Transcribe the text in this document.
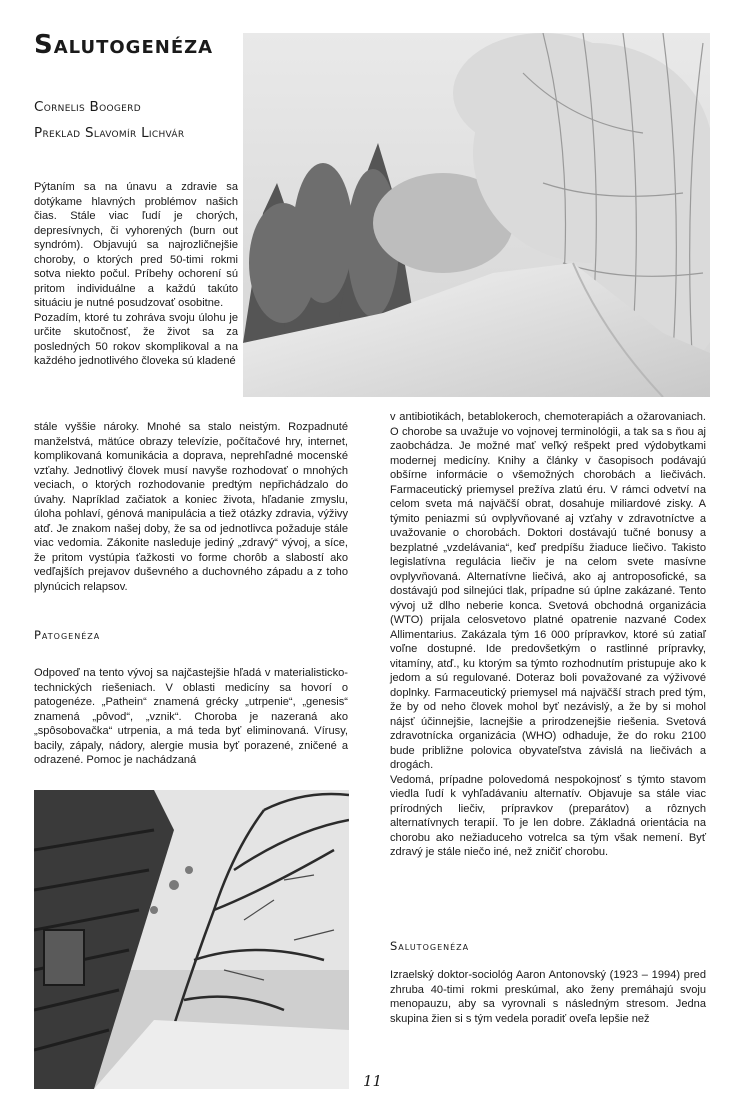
Salutogenéza
Cornelis Boogerd
Preklad Slavomír Lichvár

Pýtaním sa na únavu a zdravie sa dotýkame hlavných problémov našich čias. Stále viac ľudí je chorých, depresívnych, či vyhorených (burn out syndróm). Objavujú sa najrozličnejšie choroby, o ktorých pred 50-timi rokmi sotva niekto počul. Príbehy ochorení sú pritom individuálne a každú takúto situáciu je nutné posudzovať osobitne.

Pozadím, ktoré tu zohráva svoju úlohu je určite skutočnosť, že život sa za posledných 50 rokov skomplikoval a na každého jednotlivého človeka sú kladené

stále vyššie nároky. Mnohé sa stalo neistým. Rozpadnuté manželstvá, mätúce obrazy televízie, počítačové hry, internet, komplikovaná komunikácia a doprava, neprehľadné mocenské vzťahy. Jednotlivý človek musí navyše rozhodovať o mnohých veciach, o ktorých rozhodovanie predtým nepřichádzalo do úvahy. Napríklad začiatok a koniec života, hľadanie zmyslu, úloha pohlaví, génová manipulácia a tiež otázky zdravia, výživy atď. Je znakom našej doby, že sa od jednotlivca požaduje stále viac vedomia. Zákonite nasleduje jediný „zdravý“ vývoj, a síce, že pritom vystúpia ťažkosti vo forme chorôb a slabostí ako vedľajších prejavov duševného a duchovného západu a z toho plynúcich relapsov.

Patogenéza

Odpoveď na tento vývoj sa najčastejšie hľadá v materialisticko-technických riešeniach. V oblasti medicíny sa hovorí o patogenéze. „Pathein“ znamená grécky „utrpenie“, „genesis“ znamená „pôvod“, „vznik“. Choroba je nazeraná ako „spôsobovačka“ utrpenia, a má teda byť eliminovaná. Vírusy, bacily, zápaly, nádory, alergie musia byť porazené, zničené a odrazené. Pomoc je nachádzaná

v antibiotikách, betablokeroch, chemoterapiách a ožarovaniach. O chorobe sa uvažuje vo vojnovej terminológii, a tak sa s ňou aj zaobchádza. Je možné mať veľký rešpekt pred výdobytkami modernej medicíny. Knihy a články v časopisoch podávajú obšírne informácie o všemožných chorobách a liečivách. Farmaceutický priemysel prežíva zlatú éru. V rámci odvetví na celom sveta má najväčší obrat, dosahuje miliardové zisky. A týmito peniazmi sú ovplyvňované aj vzťahy v zdravotníctve a uvažovanie o chorobách. Doktori dostávajú tučné bonusy a bezplatné „vzdelávania“, keď predpíšu žiaduce liečivo. Takisto legislatívna regulácia liečiv je na celom svete masívne ovplyvňovaná. Alternatívne liečivá, ako aj antroposofické, sa dostávajú pod silnejúci tlak, prípadne sú úplne zakázané. Tento vývoj už dlho neberie konca. Svetová obchodná organizácia (WTO) prijala celosvetovo platné opatrenie nazvané Codex Allimentarius. Zakázala tým 16 000 prípravkov, ktoré sú zatiaľ voľne dostupné. Ide predovšetkým o rastlinné prípravky, vitamíny, atď., ku ktorým sa týmto rozhodnutím pristupuje ako k jedom a sú regulované. Doteraz boli považované za výživové doplnky. Farmaceutický priemysel má najväčší strach pred tým, že by od neho človek mohol byť nezávislý, a že by si mohol nájsť účinnejšie, lacnejšie a prirodzenejšie riešenia. Svetová zdravotnícka organizácia (WHO) odhaduje, že do roku 2100 bude približne polovica obyvateľstva závislá na liečivách a drogách.

Vedomá, prípadne polovedomá nespokojnosť s týmto stavom viedla ľudí k vyhľadávaniu alternatív. Objavuje sa stále viac prírodných liečiv, prípravkov (preparátov) a rôznych alternatívnych terapií. To je len dobre. Základná orientácia na chorobu ako nežiaduceho votrelca sa tým však nemení. Byť zdravý je stále niečo iné, než zničiť chorobu.

Salutogenéza

Izraelský doktor-sociológ Aaron Antonovský (1923 – 1994) pred zhruba 40-timi rokmi preskúmal, ako ženy premáhajú svoju menopauzu, aby sa vyrovnali s následným stresom. Jedna skupina žien si s tým vedela poradiť oveľa lepšie než

11
